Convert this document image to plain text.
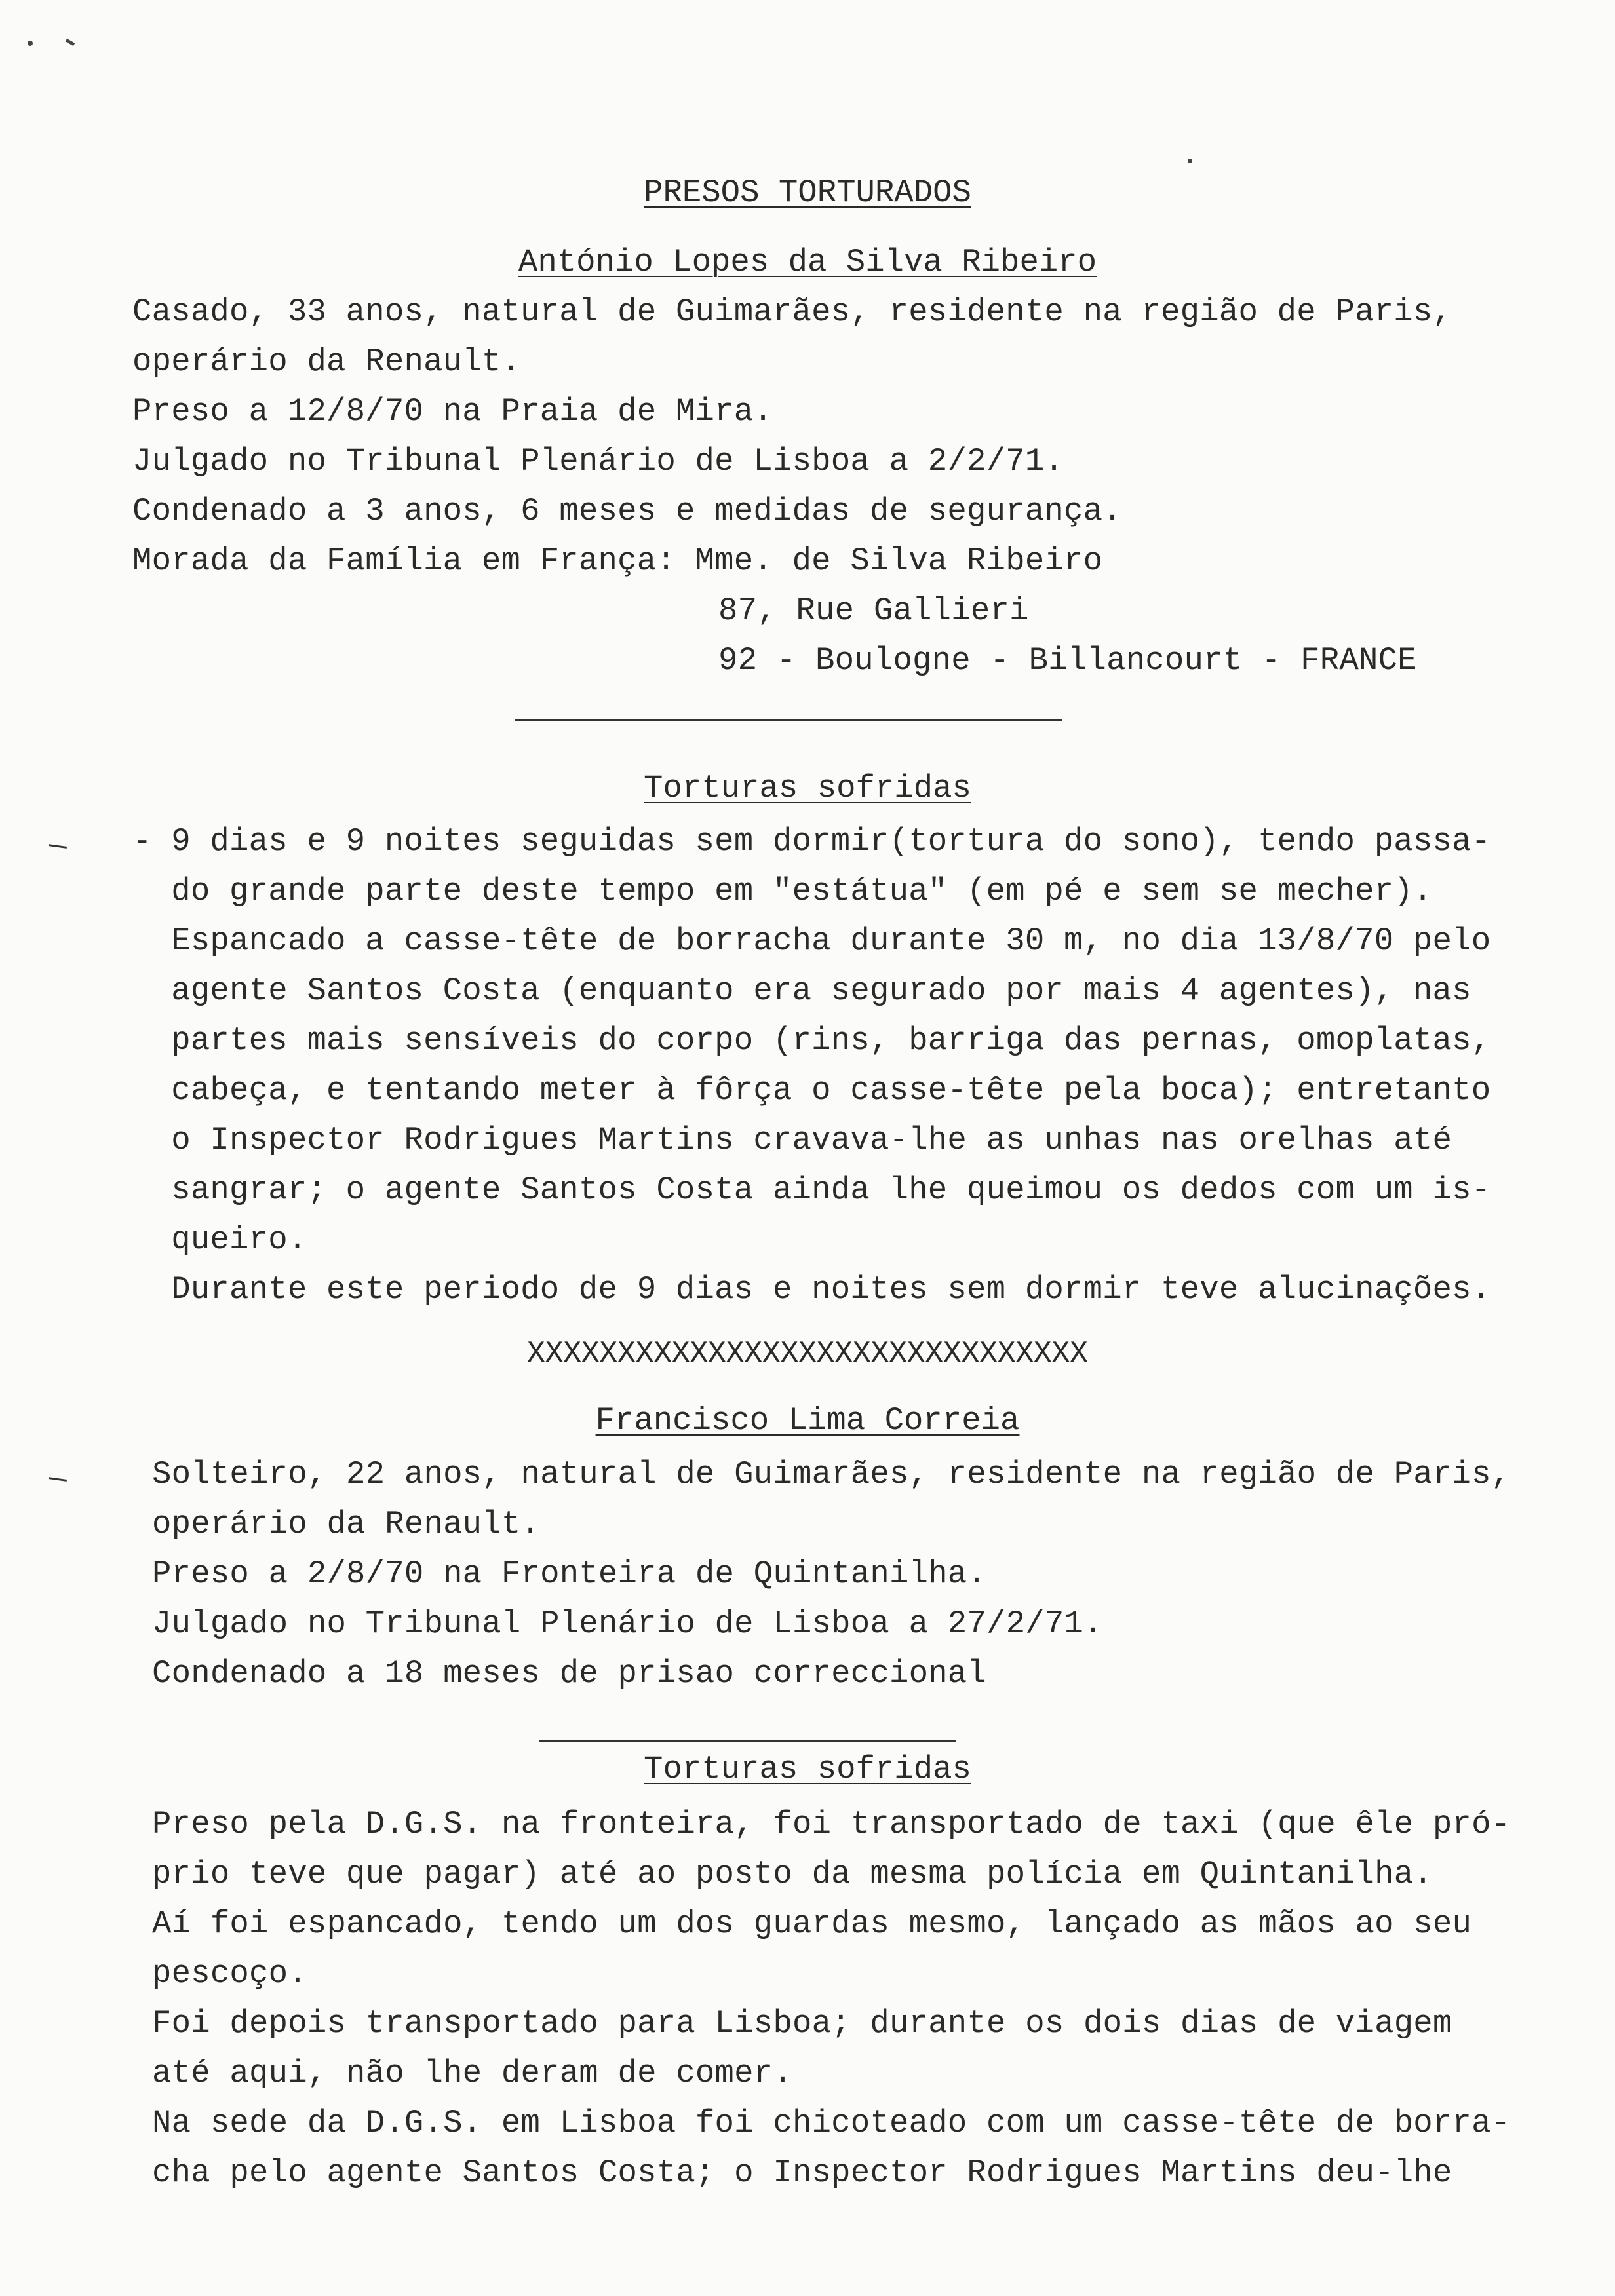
PRESOS TORTURADOS
António Lopes da Silva Ribeiro
Casado, 33 anos, natural de Guimarães, residente na região de Paris,
operário da Renault.
Preso a 12/8/70 na Praia de Mira.
Julgado no Tribunal Plenário de Lisboa a 2/2/71.
Condenado a 3 anos, 6 meses e medidas de segurança.
Morada da Família em França: Mme. de Silva Ribeiro
87, Rue Gallieri
92 - Boulogne - Billancourt - FRANCE
Torturas sofridas
- 9 dias e 9 noites seguidas sem dormir(tortura do sono), tendo passa-
do grande parte deste tempo em "estátua" (em pé e sem se mecher).
Espancado a casse-tête de borracha durante 30 m, no dia 13/8/70 pelo
agente Santos Costa (enquanto era segurado por mais 4 agentes), nas
partes mais sensíveis do corpo (rins, barriga das pernas, omoplatas,
cabeça, e tentando meter à fôrça o casse-tête pela boca); entretanto
o Inspector Rodrigues Martins cravava-lhe as unhas nas orelhas até
sangrar; o agente Santos Costa ainda lhe queimou os dedos com um is-
queiro.
Durante este periodo de 9 dias e noites sem dormir teve alucinações.
XXXXXXXXXXXXXXXXXXXXXXXXXXXXXXX
Francisco Lima Correia
Solteiro, 22 anos, natural de Guimarães, residente na região de Paris,
operário da Renault.
Preso a 2/8/70 na Fronteira de Quintanilha.
Julgado no Tribunal Plenário de Lisboa a 27/2/71.
Condenado a 18 meses de prisao correccional
Torturas sofridas
Preso pela D.G.S. na fronteira, foi transportado de taxi (que êle pró-
prio teve que pagar) até ao posto da mesma polícia em Quintanilha.
Aí foi espancado, tendo um dos guardas mesmo, lançado as mãos ao seu
pescoço.
Foi depois transportado para Lisboa; durante os dois dias de viagem
até aqui, não lhe deram de comer.
Na sede da D.G.S. em Lisboa foi chicoteado com um casse-tête de borra-
cha pelo agente Santos Costa; o Inspector Rodrigues Martins deu-lhe
